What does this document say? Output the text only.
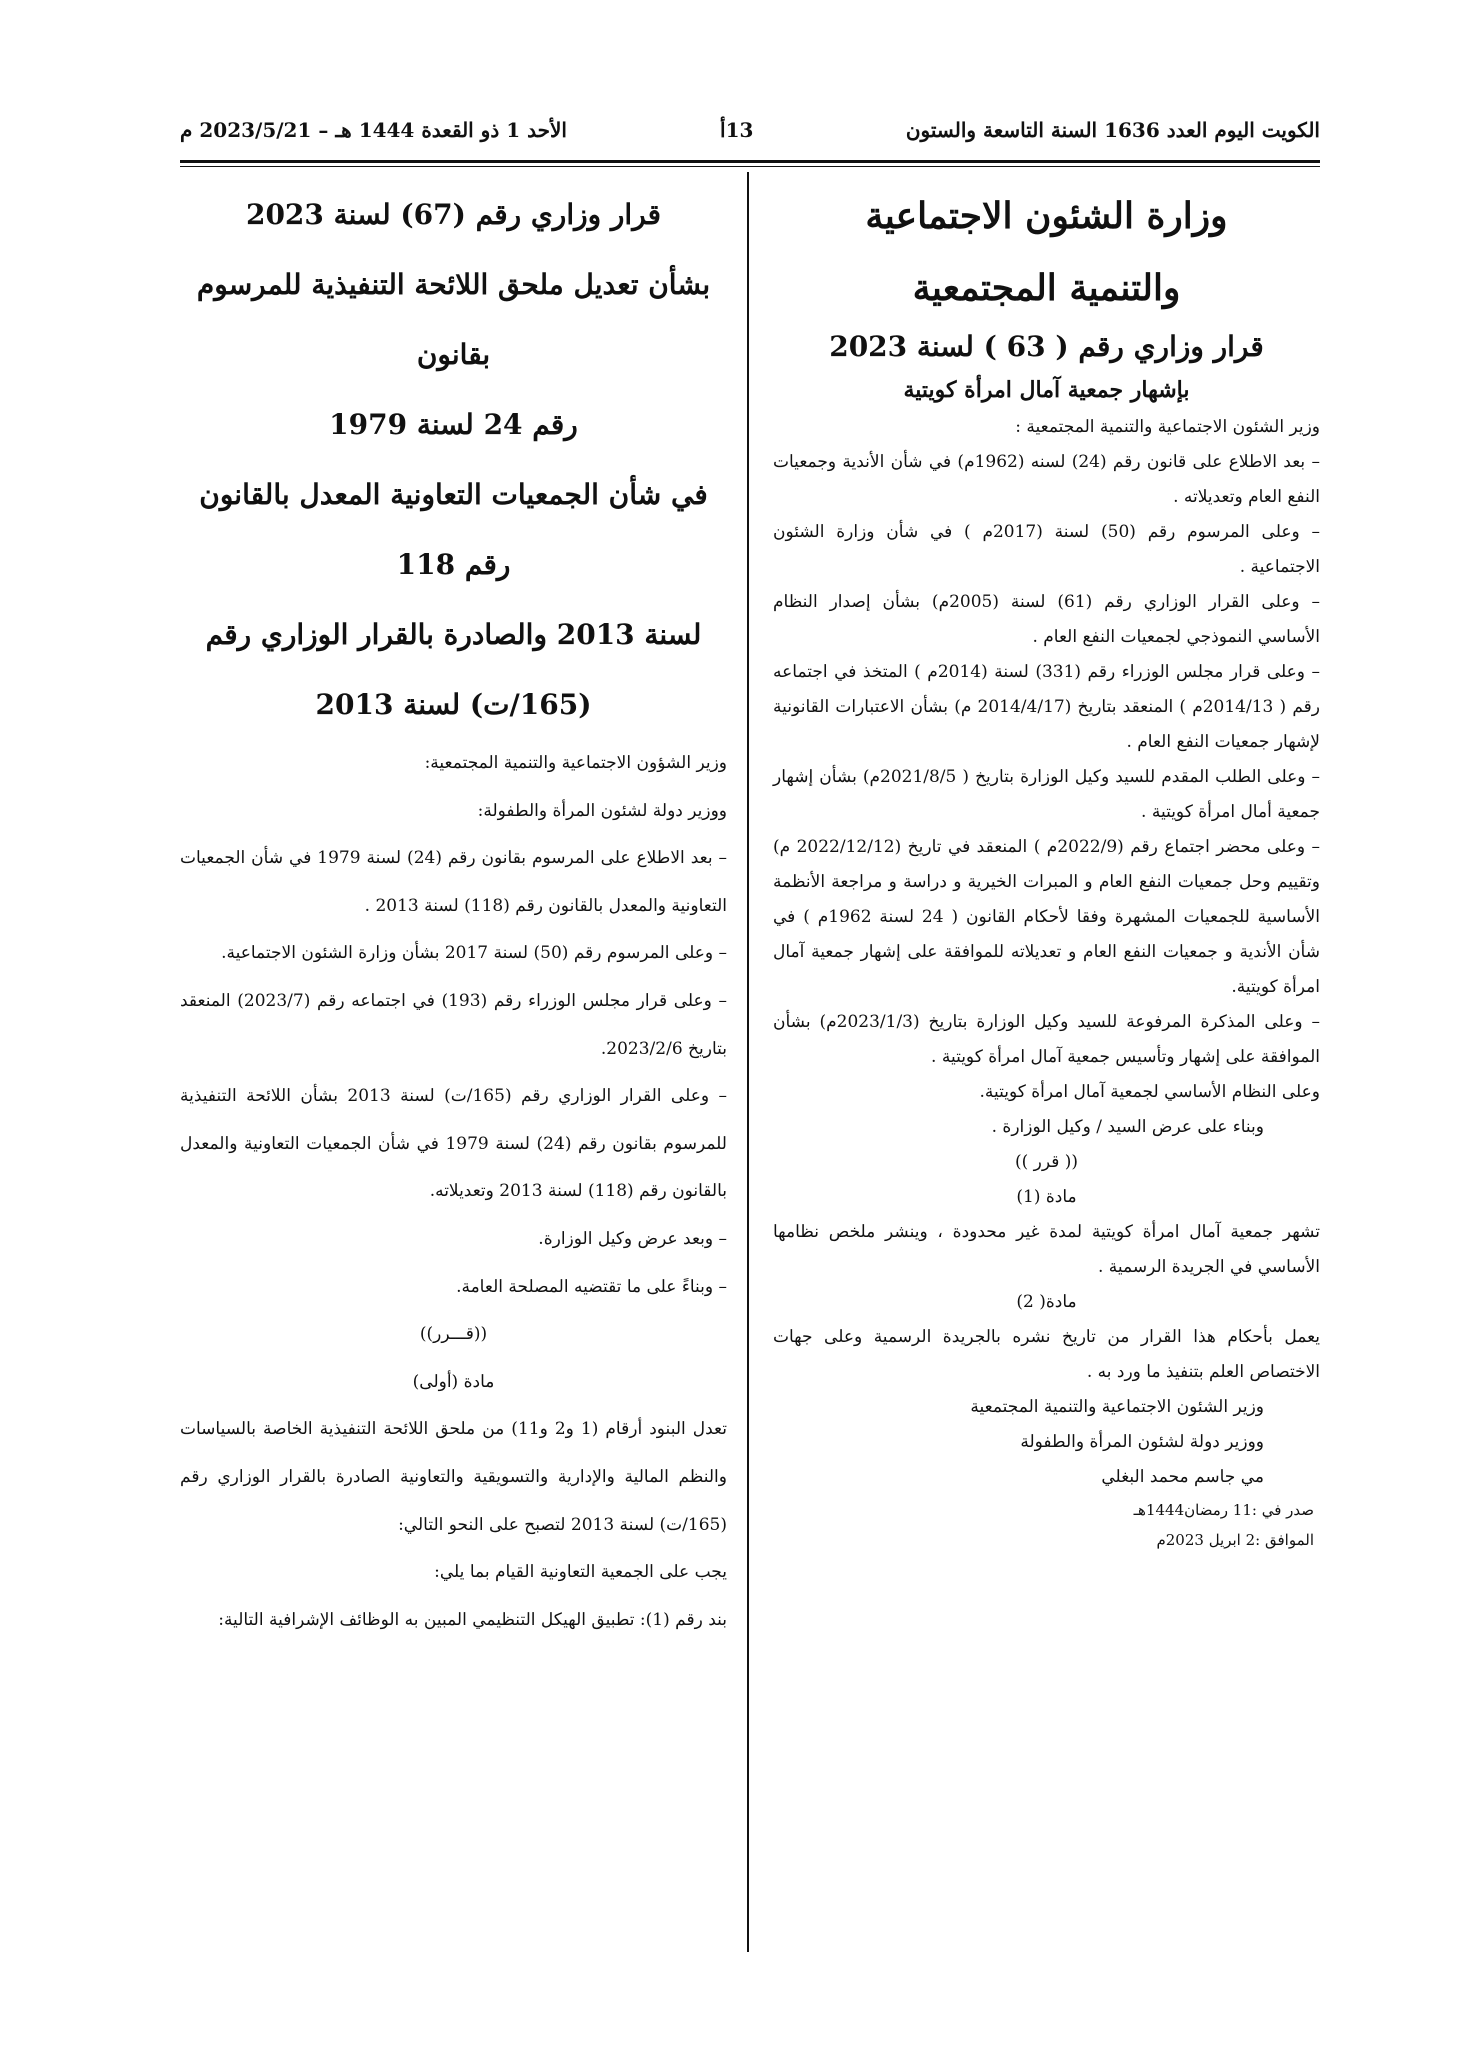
الكويت اليوم العدد 1636 السنة التاسعة والستون
13أ
الأحد 1 ذو القعدة 1444 هـ – 2023/5/21 م
وزارة الشئون الاجتماعية
والتنمية المجتمعية
قرار وزاري رقم ( 63 ) لسنة 2023
بإشهار جمعية آمال امرأة كويتية

وزير الشئون الاجتماعية والتنمية المجتمعية :

– بعد الاطلاع على قانون رقم (24) لسنه (1962م) في شأن الأندية وجمعيات النفع العام وتعديلاته .

– وعلى المرسوم رقم (50) لسنة (2017م ) في شأن وزارة الشئون الاجتماعية .

– وعلى القرار الوزاري رقم (61) لسنة (2005م) بشأن إصدار النظام الأساسي النموذجي لجمعيات النفع العام .

– وعلى قرار مجلس الوزراء رقم (331) لسنة (2014م ) المتخذ في اجتماعه رقم ( 2014/13م ) المنعقد بتاريخ (2014/4/17 م) بشأن الاعتبارات القانونية لإشهار جمعيات النفع العام .

– وعلى الطلب المقدم للسيد وكيل الوزارة بتاريخ ( 2021/8/5م) بشأن إشهار جمعية أمال امرأة كويتية .

– وعلى محضر اجتماع رقم (2022/9م ) المنعقد في تاريخ (2022/12/12 م) وتقييم وحل جمعيات النفع العام و المبرات الخيرية و دراسة و مراجعة الأنظمة الأساسية للجمعيات المشهرة وفقا لأحكام القانون ( 24 لسنة 1962م ) في شأن الأندية و جمعيات النفع العام و تعديلاته للموافقة على إشهار جمعية آمال امرأة كويتية.

– وعلى المذكرة المرفوعة للسيد وكيل الوزارة بتاريخ (2023/1/3م) بشأن الموافقة على إشهار وتأسيس جمعية آمال امرأة كويتية .

وعلى النظام الأساسي لجمعية آمال امرأة كويتية.

وبناء على عرض السيد / وكيل الوزارة .

(( قرر ))

مادة (1)

تشهر جمعية آمال امرأة كويتية لمدة غير محدودة ، وينشر ملخص نظامها الأساسي في الجريدة الرسمية .

مادة( 2)

يعمل بأحكام هذا القرار من تاريخ نشره بالجريدة الرسمية وعلى جهات الاختصاص العلم بتنفيذ ما ورد به .

وزير الشئون الاجتماعية والتنمية المجتمعية

ووزير دولة لشئون المرأة والطفولة

مي جاسم محمد البغلي

صدر في :11 رمضان1444هـ

الموافق :2 ابريل 2023م

قرار وزاري رقم (67) لسنة 2023
بشأن تعديل ملحق اللائحة التنفيذية للمرسوم بقانون
رقم 24 لسنة 1979
في شأن الجمعيات التعاونية المعدل بالقانون رقم 118
لسنة 2013 والصادرة بالقرار الوزاري رقم
(165/ت) لسنة 2013

وزير الشؤون الاجتماعية والتنمية المجتمعية:

ووزير دولة لشئون المرأة والطفولة:

– بعد الاطلاع على المرسوم بقانون رقم (24) لسنة 1979 في شأن الجمعيات التعاونية والمعدل بالقانون رقم (118) لسنة 2013 .

– وعلى المرسوم رقم (50) لسنة 2017 بشأن وزارة الشئون الاجتماعية.

– وعلى قرار مجلس الوزراء رقم (193) في اجتماعه رقم (2023/7) المنعقد بتاريخ 2023/2/6.

– وعلى القرار الوزاري رقم (165/ت) لسنة 2013 بشأن اللائحة التنفيذية للمرسوم بقانون رقم (24) لسنة 1979 في شأن الجمعيات التعاونية والمعدل بالقانون رقم (118) لسنة 2013 وتعديلاته.

– وبعد عرض وكيل الوزارة.

– وبناءً على ما تقتضيه المصلحة العامة.

((قـــرر))

مادة (أولى)

تعدل البنود أرقام (1 و2 و11) من ملحق اللائحة التنفيذية الخاصة بالسياسات والنظم المالية والإدارية والتسويقية والتعاونية الصادرة بالقرار الوزاري رقم (165/ت) لسنة 2013 لتصبح على النحو التالي:

يجب على الجمعية التعاونية القيام بما يلي:

بند رقم (1): تطبيق الهيكل التنظيمي المبين به الوظائف الإشرافية التالية:
